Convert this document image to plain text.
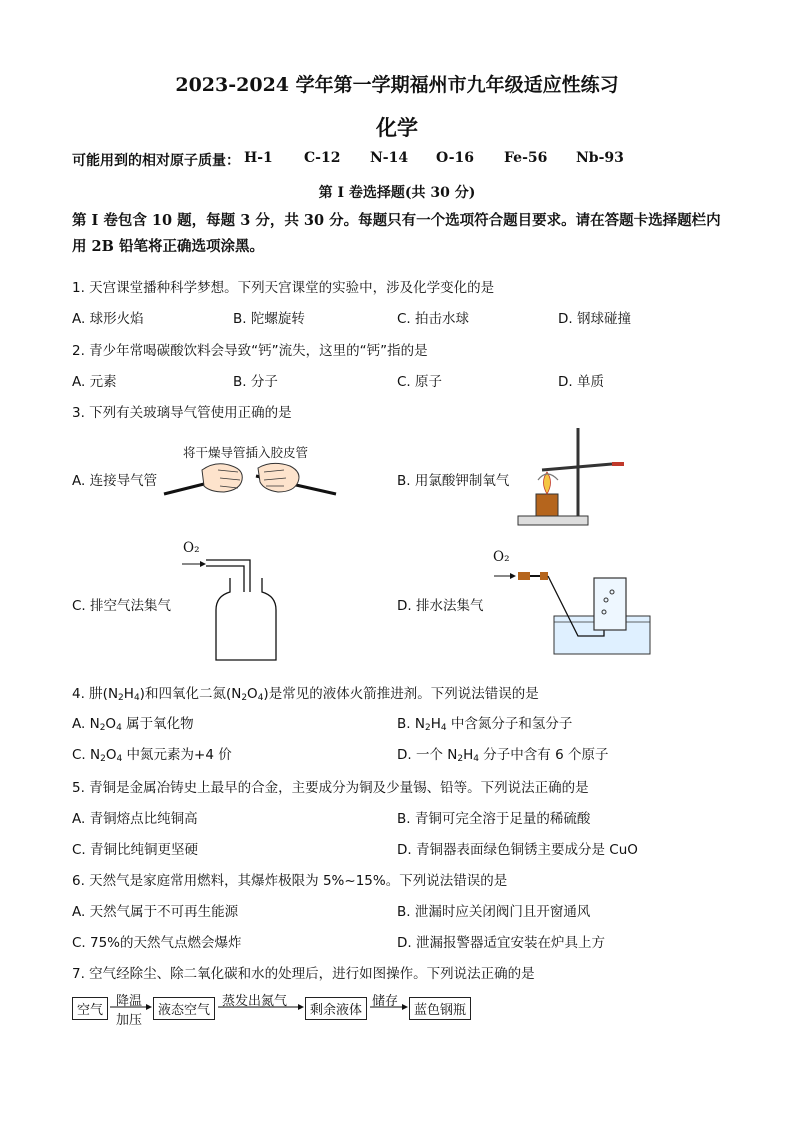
2023-2024 学年第一学期福州市九年级适应性练习
化学
可能用到的相对原子质量： H-1	C-12	N-14	O-16	Fe-56	Nb-93
第 I 卷选择题(共 30 分)
第 I 卷包含 10 题，每题 3 分，共 30 分。每题只有一个选项符合题目要求。请在答题卡选择题栏内用 2B 铅笔将正确选项涂黑。
1. 天宫课堂播种科学梦想。下列天宫课堂的实验中，涉及化学变化的是
A. 球形火焰	B. 陀螺旋转	C. 拍击水球	D. 钢球碰撞
2. 青少年常喝碳酸饮料会导致“钙”流失，这里的“钙”指的是
A. 元素	B. 分子	C. 原子	D. 单质
3. 下列有关玻璃导气管使用正确的是
A. 连接导气管
将干燥导管插入胶皮管
B. 用氯酸钾制氧气
C. 排空气法集气
O₂
D. 排水法集气
O₂
4. 肼$(N_2H_4)$和四氧化二氮$(N_2O_4)$是常见的液体火箭推进剂。下列说法错误的是
A. $N_2O_4$ 属于氧化物	B. $N_2H_4$ 中含氮分子和氢分子
C. $N_2O_4$ 中氮元素为+4 价	D. 一个 $N_2H_4$ 分子中含有 6 个原子
5. 青铜是金属冶铸史上最早的合金，主要成分为铜及少量锡、铅等。下列说法正确的是
A. 青铜熔点比纯铜高	B. 青铜可完全溶于足量的稀硫酸
C. 青铜比纯铜更坚硬	D. 青铜器表面绿色铜锈主要成分是 CuO
6. 天然气是家庭常用燃料，其爆炸极限为 5%~15%。下列说法错误的是
A. 天然气属于不可再生能源	B. 泄漏时应关闭阀门且开窗通风
C. 75%的天然气点燃会爆炸	D. 泄漏报警器适宜安装在炉具上方
7. 空气经除尘、除二氧化碳和水的处理后，进行如图操作。下列说法正确的是
空气	液态空气	剩余液体	蓝色钢瓶
降温
加压
蒸发出氮气	储存
